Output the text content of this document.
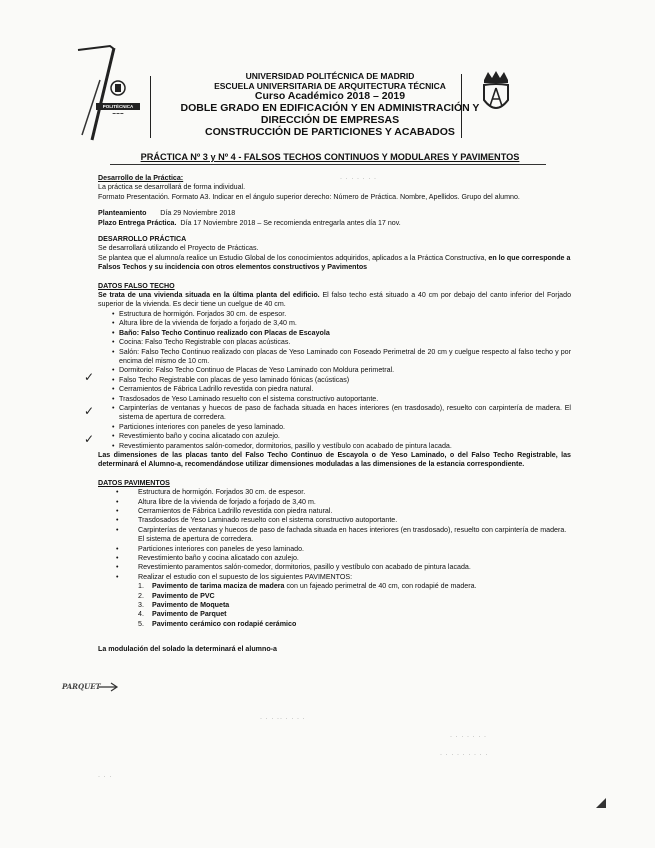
POLITÉCNICA
▬ ▬ ▬
UNIVERSIDAD POLITÉCNICA DE MADRID
ESCUELA UNIVERSITARIA DE ARQUITECTURA TÉCNICA
Curso Académico 2018 – 2019
DOBLE GRADO EN EDIFICACIÓN Y EN ADMINISTRACIÓN Y
DIRECCIÓN DE EMPRESAS
CONSTRUCCIÓN DE PARTICIONES Y ACABADOS
PRÁCTICA Nº 3 y Nº 4 - FALSOS TECHOS CONTINUOS Y MODULARES Y PAVIMENTOS
· · · · · · ·
✓
✓
✓
PARQUET

Desarrollo de la Práctica:

La práctica se desarrollará de forma individual.

Formato Presentación. Formato A3. Indicar en el ángulo superior derecho: Número de Práctica. Nombre, Apellidos. Grupo del alumno.

Planteamiento Día 29 Noviembre 2018

Plazo Entrega Práctica. Día 17 Noviembre 2018 – Se recomienda entregarla antes día 17 nov.

DESARROLLO PRÁCTICA

Se desarrollará utilizando el Proyecto de Prácticas.

Se plantea que el alumno/a realice un Estudio Global de los conocimientos adquiridos, aplicados a la Práctica Constructiva, en lo que corresponde a Falsos Techos y su incidencia con otros elementos constructivos y Pavimentos

DATOS FALSO TECHO

Se trata de una vivienda situada en la última planta del edificio. El falso techo está situado a 40 cm por debajo del canto inferior del Forjado superior de la vivienda. Es decir tiene un cuelgue de 40 cm.

• Estructura de hormigón. Forjados 30 cm. de espesor.
• Altura libre de la vivienda de forjado a forjado de 3,40 m.
• Baño: Falso Techo Continuo realizado con Placas de Escayola
• Cocina: Falso Techo Registrable con placas acústicas.
• Salón: Falso Techo Continuo realizado con placas de Yeso Laminado con Foseado Perimetral de 20 cm y cuelgue respecto al falso techo y por encima del mismo de 10 cm.
• Dormitorio: Falso Techo Continuo de Placas de Yeso Laminado con Moldura perimetral.
• Falso Techo Registrable con placas de yeso laminado fónicas (acústicas)
• Cerramientos de Fábrica Ladrillo revestida con piedra natural.
• Trasdosados de Yeso Laminado resuelto con el sistema constructivo autoportante.
• Carpinterías de ventanas y huecos de paso de fachada situada en haces interiores (en trasdosado), resuelto con carpintería de madera. El sistema de apertura de corredera.
• Particiones interiores con paneles de yeso laminado.
• Revestimiento baño y cocina alicatado con azulejo.
• Revestimiento paramentos salón-comedor, dormitorios, pasillo y vestíbulo con acabado de pintura lacada.

Las dimensiones de las placas tanto del Falso Techo Continuo de Escayola o de Yeso Laminado, o del Falso Techo Registrable, las determinará el Alumno-a, recomendándose utilizar dimensiones moduladas a las dimensiones de la estancia correspondiente.

DATOS PAVIMENTOS

• Estructura de hormigón. Forjados 30 cm. de espesor.
• Altura libre de la vivienda de forjado a forjado de 3,40 m.
• Cerramientos de Fábrica Ladrillo revestida con piedra natural.
• Trasdosados de Yeso Laminado resuelto con el sistema constructivo autoportante.
• Carpinterías de ventanas y huecos de paso de fachada situada en haces interiores (en trasdosado), resuelto con carpintería de madera. El sistema de apertura de corredera.
• Particiones interiores con paneles de yeso laminado.
• Revestimiento baño y cocina alicatado con azulejo.
• Revestimiento paramentos salón-comedor, dormitorios, pasillo y vestíbulo con acabado de pintura lacada.
• Realizar el estudio con el supuesto de los siguientes PAVIMENTOS:
1. Pavimento de tarima maciza de madera con un fajeado perimetral de 40 cm, con rodapié de madera.
2. Pavimento de PVC
3. Pavimento de Moqueta
4. Pavimento de Parquet
5. Pavimento cerámico con rodapié cerámico

La modulación del solado la determinará el alumno-a

· · · ·· · · · ·
· · · · · · ·
· · · · · · · · ·
· · ·
